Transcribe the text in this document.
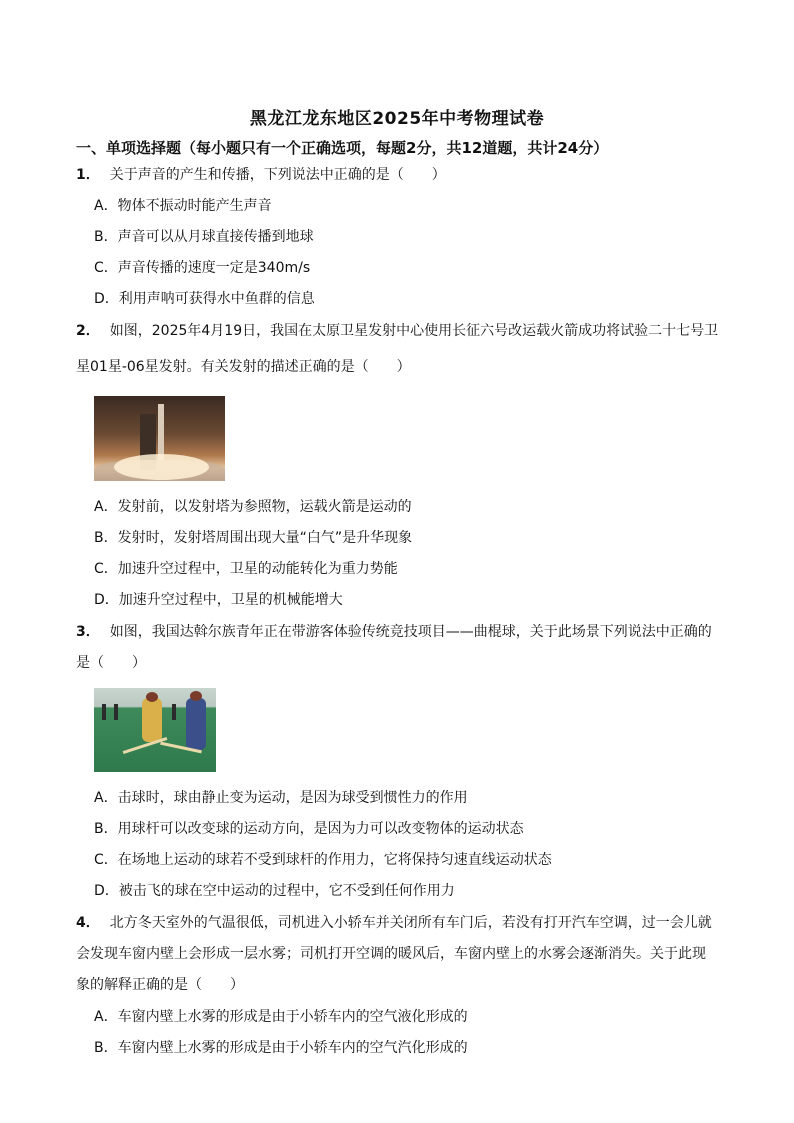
黑龙江龙东地区2025年中考物理试卷
一、单项选择题（每小题只有一个正确选项，每题2分，共12道题，共计24分）
1． 关于声音的产生和传播，下列说法中正确的是（　　）
A．物体不振动时能产生声音
B．声音可以从月球直接传播到地球
C．声音传播的速度一定是340m/s
D．利用声呐可获得水中鱼群的信息
2． 如图，2025年4月19日，我国在太原卫星发射中心使用长征六号改运载火箭成功将试验二十七号卫
星01星-06星发射。有关发射的描述正确的是（　　）
A．发射前，以发射塔为参照物，运载火箭是运动的
B．发射时，发射塔周围出现大量“白气”是升华现象
C．加速升空过程中，卫星的动能转化为重力势能
D．加速升空过程中，卫星的机械能增大
3． 如图，我国达斡尔族青年正在带游客体验传统竞技项目——曲棍球，关于此场景下列说法中正确的
是（　　）
A．击球时，球由静止变为运动，是因为球受到惯性力的作用
B．用球杆可以改变球的运动方向，是因为力可以改变物体的运动状态
C．在场地上运动的球若不受到球杆的作用力，它将保持匀速直线运动状态
D．被击飞的球在空中运动的过程中，它不受到任何作用力
4． 北方冬天室外的气温很低，司机进入小轿车并关闭所有车门后，若没有打开汽车空调，过一会儿就
会发现车窗内壁上会形成一层水雾；司机打开空调的暖风后，车窗内壁上的水雾会逐渐消失。关于此现
象的解释正确的是（　　）
A．车窗内壁上水雾的形成是由于小轿车内的空气液化形成的
B．车窗内壁上水雾的形成是由于小轿车内的空气汽化形成的
